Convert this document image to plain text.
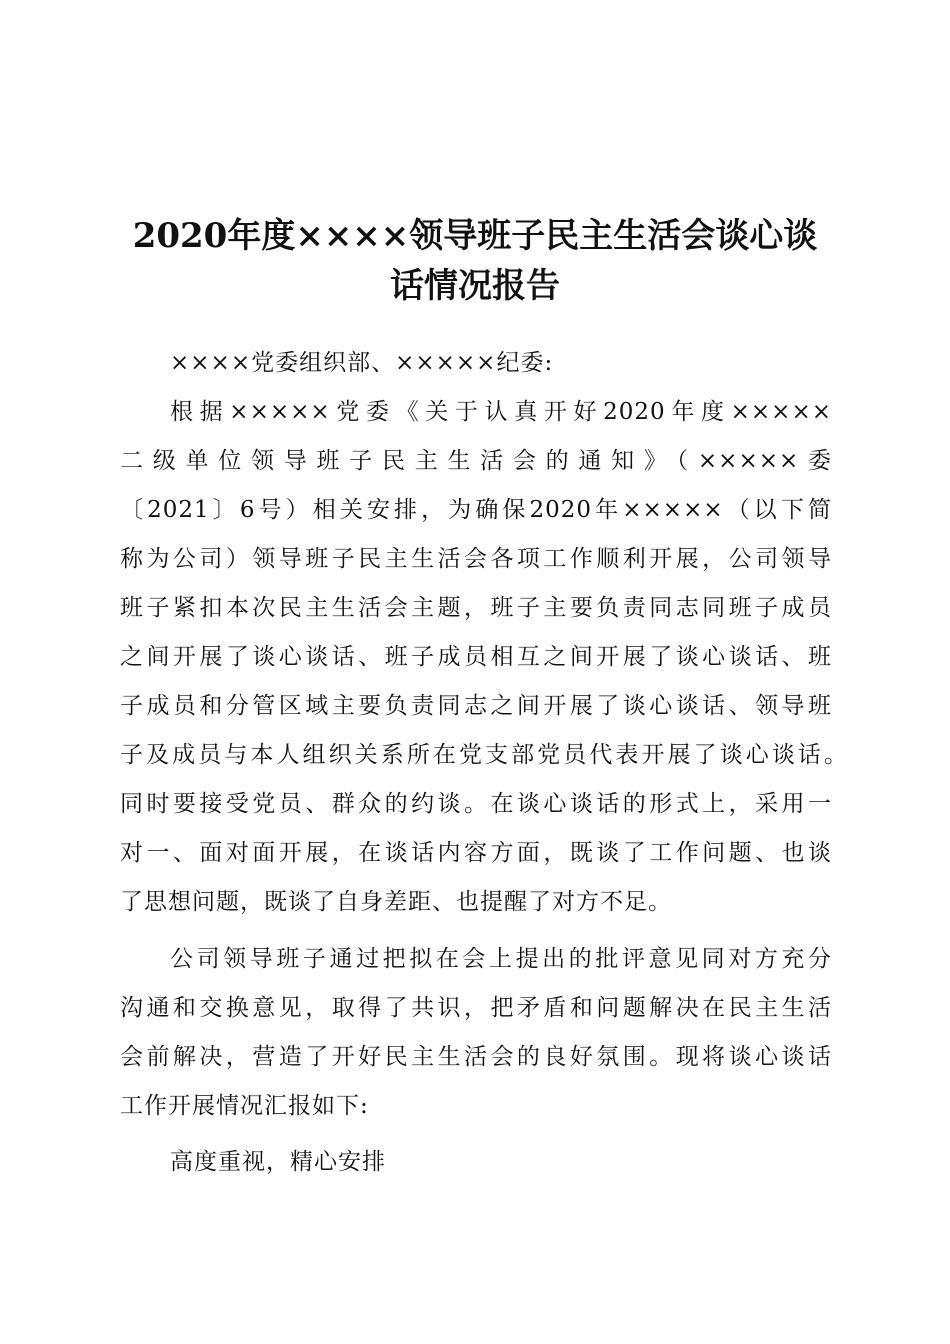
2020年度××××领导班子民主生活会谈心谈
话情况报告

××××党委组织部、×××××纪委:

根据×××××党委《关于认真开好2020年度×××××

二级单位领导班子民主生活会的通知》（×××××委

〔2021〕6号）相关安排，为确保2020年×××××（以下简

称为公司）领导班子民主生活会各项工作顺利开展，公司领导

班子紧扣本次民主生活会主题，班子主要负责同志同班子成员

之间开展了谈心谈话、班子成员相互之间开展了谈心谈话、班

子成员和分管区域主要负责同志之间开展了谈心谈话、领导班

子及成员与本人组织关系所在党支部党员代表开展了谈心谈话。

同时要接受党员、群众的约谈。在谈心谈话的形式上，采用一

对一、面对面开展，在谈话内容方面，既谈了工作问题、也谈

了思想问题，既谈了自身差距、也提醒了对方不足。

公司领导班子通过把拟在会上提出的批评意见同对方充分

沟通和交换意见，取得了共识，把矛盾和问题解决在民主生活

会前解决，营造了开好民主生活会的良好氛围。现将谈心谈话

工作开展情况汇报如下:

高度重视，精心安排
